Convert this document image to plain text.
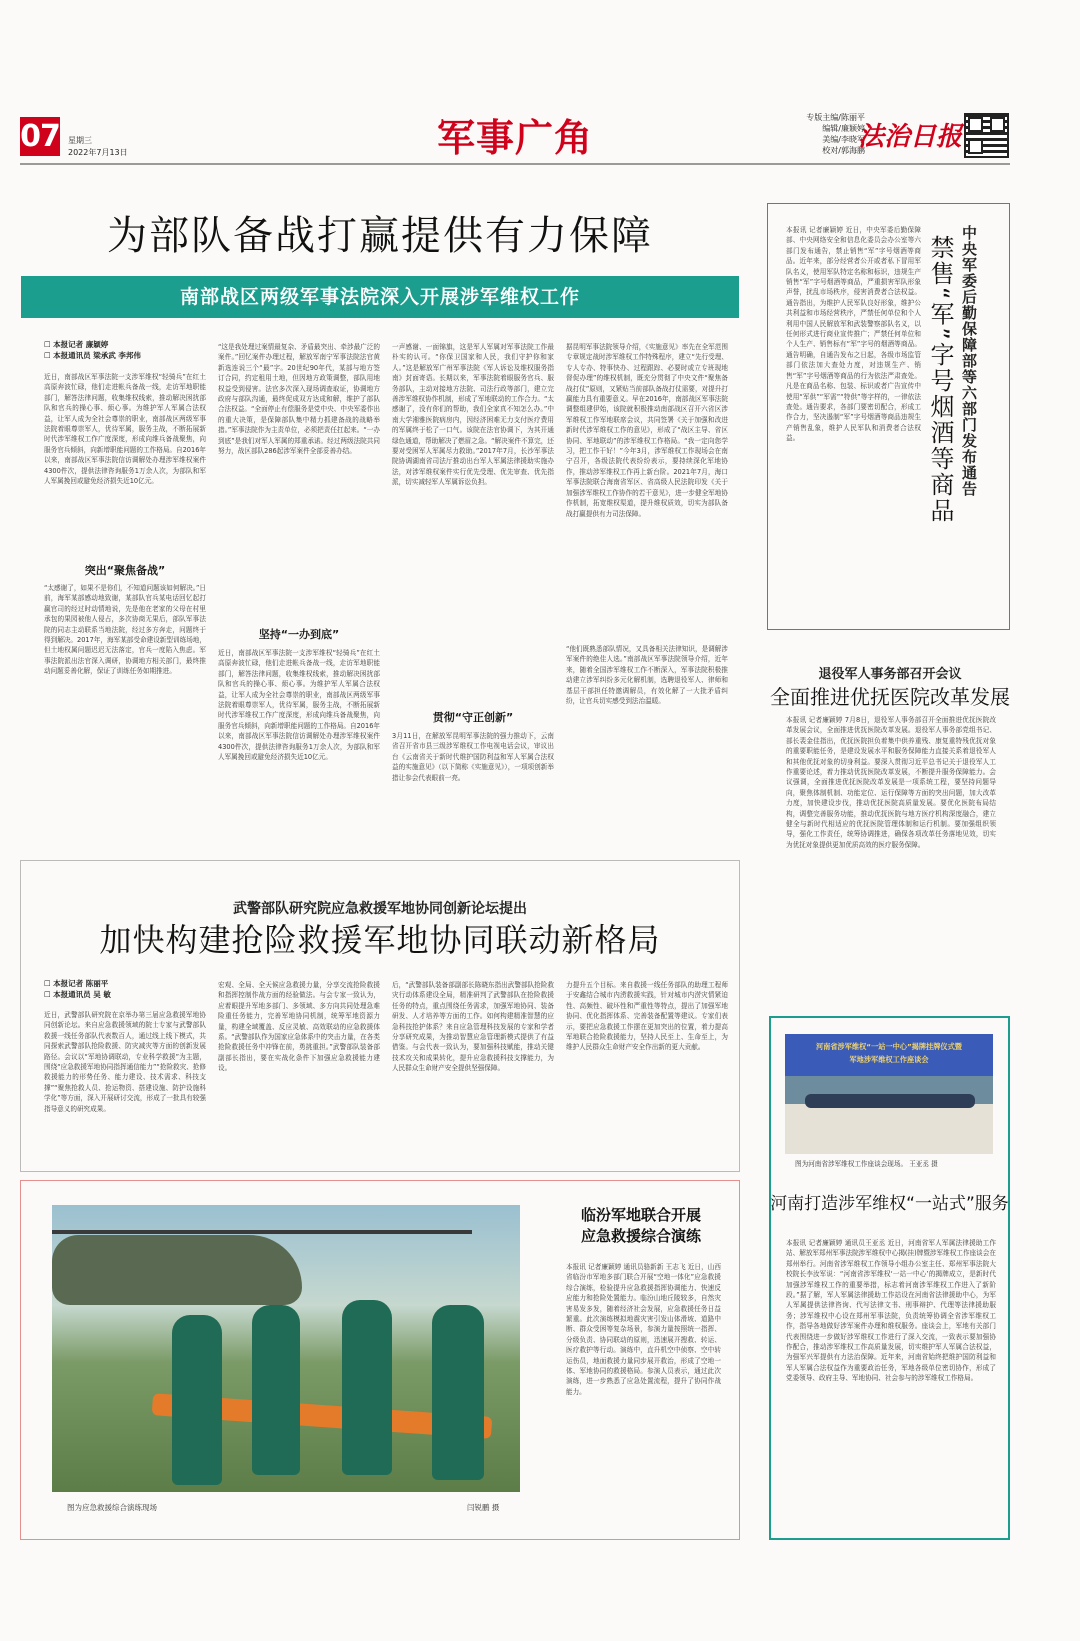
07 星期三
2022年7月13日	军事广角	专版主编/陈丽平
编辑/廉颖婷
美编/李晓军
校对/郭海鹏
法治日报
为部队备战打赢提供有力保障
南部战区两级军事法院深入开展涉军维权工作
☐ 本报记者 廉颖婷
☐ 本报通讯员 梁承武 李邦伟
近日，南部战区军事法院一支涉军维权“轻骑兵”在红土高原奔波忙碌，他们走进帐兵备战一线，走访军地职能部门，解答法律问题，收集维权线索，推动解决困扰部队和官兵的操心事、烦心事。为维护军人军属合法权益，让军人成为全社会尊崇的职业，南部战区两级军事法院着眼尊崇军人，优待军属，服务主战，不断拓展新时代涉军维权工作广度深度，形成向维兵备战聚焦，向服务官兵倾斜，向新增职能问题的工作格局。自2016年以来，南部战区军事法院信访调解处办理涉军维权案件4300件次，提供法律咨询服务1万余人次，为部队和军人军属挽回或避免经济损失近10亿元。
突出“聚焦备战”
“太感谢了，如果不是你们，不知道问题该如何解决。”日前，海军某部感动地致谢，某部队官兵某电话回忆起打赢官司的经过时动情地说，先是他在老家的父母在村里承包的果园被他人侵占，多次协商无果后，部队军事法院的同志主动联系当地法院，经过多方奔走，问题终于得到解决。2017年，海军某部受命建设新型训练场地，但土地权属问题迟迟无法落定，官兵一度陷入焦虑。军事法院派出法官深入调研，协调地方相关部门，最终推动问题妥善化解，保证了训练任务如期推进。
“这是我处理过案情最复杂、矛盾最突出、牵涉最广泛的案件。”回忆案件办理过程，解放军南宁军事法院法官黄新选连说三个“最”字。20世纪90年代，某部与地方签订合同，约定租用土地，但因地方政策调整，部队用地权益受到侵害。法官多次深入现场调查取证，协调地方政府与部队沟通，最终促成双方达成和解，维护了部队合法权益。“全面停止有偿服务是党中央、中央军委作出的重大决策，是保障部队集中精力抓建备战的战略举措。”军事法院作为主责单位，必须把责任扛起来。“一办到底”是我们对军人军属的郑重承诺。经过两级法院共同努力，战区部队286起涉军案件全部妥善办结。
坚持“一办到底”
近日，南部战区军事法院一支涉军维权“轻骑兵”在红土高原奔波忙碌，他们走进帐兵备战一线，走访军地职能部门，解答法律问题，收集维权线索，推动解决困扰部队和官兵的操心事、烦心事。为维护军人军属合法权益，让军人成为全社会尊崇的职业，南部战区两级军事法院着眼尊崇军人，优待军属，服务主战，不断拓展新时代涉军维权工作广度深度，形成向维兵备战聚焦，向服务官兵倾斜，向新增职能问题的工作格局。自2016年以来，南部战区军事法院信访调解处办理涉军维权案件4300件次，提供法律咨询服务1万余人次，为部队和军人军属挽回或避免经济损失近10亿元。
一声感谢、一面锦旗，这是军人军属对军事法院工作最朴实的认可。“你保卫国家和人民，我们守护你和家人。”这是解放军广州军事法院《军人诉讼及维权服务指南》封面寄语。长期以来，军事法院着眼服务官兵、服务部队，主动对接地方法院、司法行政等部门，建立完善涉军维权协作机制，形成了军地联动的工作合力。“太感谢了，没有你们的帮助，我们全家真不知怎么办。”中南大学湘雅医院病房内，因经济困难无力支付医疗费用的军属终于松了一口气。该院在法官协调下，为其开通绿色通道，帮助解决了燃眉之急。“解决案件不算完，还要对受困军人军属尽力救助。”2017年7月，长沙军事法院协调湖南省司法厅推动出台军人军属法律援助实施办法，对涉军维权案件实行优先受理、优先审查、优先指派，切实减轻军人军属诉讼负担。
贯彻“守正创新”
3月11日，在解放军昆明军事法院的强力推动下，云南省召开省市县三级涉军维权工作电视电话会议，审议出台《云南省关于新时代维护国防利益和军人军属合法权益的实施意见》（以下简称《实施意见》），一项项创新举措让参会代表眼前一亮。
据昆明军事法院领导介绍，《实施意见》率先在全军范围专章规定战时涉军维权工作特殊程序，建立“先行受理、专人专办、特事快办、过程跟踪、必要时或立专班现地督促办理”的维权机制，既充分贯彻了中央文件“聚焦备战打仗”原则，又紧贴当前部队备战打仗需要，对提升打赢能力具有重要意义。早在2016年，南部战区军事法院调整组建伊始，该院就积极推动南部战区召开六省区涉军维权工作军地联席会议，共同签署《关于加强和改进新时代涉军维权工作的意见》，形成了“战区主导、省区协同、军地联动”的涉军维权工作格局。“我一定向您学习，把工作干好！”今年3月，涉军维权工作现场会在南宁召开，各级法院代表纷纷表示，要持续深化军地协作，推动涉军维权工作再上新台阶。2021年7月，海口军事法院联合海南省军区、省高级人民法院印发《关于加强涉军维权工作协作的若干意见》，进一步健全军地协作机制，拓宽维权渠道，提升维权质效，切实为部队备战打赢提供有力司法保障。
“他们既熟悉部队情况，又具备相关法律知识，是调解涉军案件的绝佳人选。”南部战区军事法院领导介绍，近年来，随着全国涉军维权工作不断深入，军事法院积极推动建立涉军纠纷多元化解机制，选聘退役军人、律师和基层干部担任特邀调解员，有效化解了一大批矛盾纠纷，让官兵切实感受到法治温暖。
本报讯 记者廉颖婷 近日，中央军委后勤保障部、中央网络安全和信息化委员会办公室等六部门发布通告，禁止销售“军”字号烟酒等商品。近年来，部分经营者公开或者私下冒用军队名义，使用军队特定名称和标识，违规生产销售“军”字号烟酒等商品，严重损害军队形象声誉，扰乱市场秩序，侵害消费者合法权益。通告指出，为维护人民军队良好形象，维护公共利益和市场经营秩序，严禁任何单位和个人利用中国人民解放军和武装警察部队名义，以任何形式进行商业宣传推广；严禁任何单位和个人生产、销售标有“军”字号的烟酒等商品。通告明确，自通告发布之日起，各级市场监管部门依法加大查处力度，对违规生产、销售“军”字号烟酒等商品的行为依法严肃查处。凡是在商品名称、包装、标识或者广告宣传中使用“军供”“军需”“特供”等字样的，一律依法查处。通告要求，各部门要密切配合，形成工作合力，坚决遏制“军”字号烟酒等商品违规生产销售乱象，维护人民军队和消费者合法权益。	中央军委后勤保障部等六部门发布通告
禁售“军”字号烟酒等商品
退役军人事务部召开会议
全面推进优抚医院改革发展
本报讯 记者廉颖婷 7月8日，退役军人事务部召开全面推进优抚医院改革发展会议，全面推进优抚医院改革发展。退役军人事务部党组书记、部长裴金佳指出，优抚医院担负着集中供养重残、康复重特残优抚对象的重要职能任务，是建设发展水平和服务保障能力直接关系着退役军人和其他优抚对象的切身利益。要深入贯彻习近平总书记关于退役军人工作重要论述，着力推动优抚医院改革发展，不断提升服务保障能力。会议强调，全面推进优抚医院改革发展是一项系统工程，要坚持问题导向，聚焦体制机制、功能定位、运行保障等方面的突出问题，加大改革力度，加快建设步伐，推动优抚医院高质量发展。要优化医院布局结构，调整完善服务功能，推动优抚医院与地方医疗机构深度融合，建立健全与新时代相适应的优抚医院管理体制和运行机制。要加强组织领导，强化工作责任，统筹协调推进，确保各项改革任务落地见效，切实为优抚对象提供更加优质高效的医疗服务保障。
武警部队研究院应急救援军地协同创新论坛提出
加快构建抢险救援军地协同联动新格局
☐ 本报记者 陈丽平
☐ 本报通讯员 吴 敏
近日，武警部队研究院在京举办第三届应急救援军地协同创新论坛。来自应急救援领域的院士专家与武警部队救援一线任务部队代表数百人，通过线上线下模式，共同探索武警部队抢险救援、防灾减灾等方面的创新发展路径。会议以“军地协调联动，专业科学救援”为主题，围绕“应急救援军地协同指挥通信能力”“抢险救灾、抢修救援能力的形势任务、能力建设、技术需求、科技支撑”“聚焦抢救人员、抢运物资、搭建设施、防护设施科学化”等方面，深入开展研讨交流，形成了一批具有较强指导意义的研究成果。
宏观、全局、全天候应急救援力量，分享交流抢险救援和指挥控制作战方面的经验做法。与会专家一致认为，应着眼提升军地多部门、多领域、多方向共同处理急难险重任务能力，完善军地协同机制，统筹军地资源力量，构建全域覆盖、反应灵敏、高效联动的应急救援体系。“武警部队作为国家应急体系中的突击力量，在各类抢险救援任务中冲锋在前，勇挑重担。”武警部队装备部副部长指出，要在实战化条件下加强应急救援能力建设。
后，“武警部队装备部副部长陈晓东指出武警部队抢险救灾行动体系建设全局，精准研判了武警部队在抢险救援任务的特点，重点围绕任务需求，加强军地协同、装备研发、人才培养等方面的工作。如何构建精准智慧的应急科技抢护体系？来自应急管理科技发展的专家和学者分享研究成果，为推动智慧应急管理新模式提供了有益借鉴。与会代表一致认为，要加强科技赋能，推动关键技术攻关和成果转化，提升应急救援科技支撑能力，为人民群众生命财产安全提供坚强保障。
力提升五个目标。来自救援一线任务部队的助理工程师于安鑫结合城市内涝救援实践，针对城市内涝灾情紧迫性、高频性、破坏性和严重性等特点，提出了加强军地协同、优化指挥体系、完善装备配置等建议。专家们表示，要把应急救援工作摆在更加突出的位置，着力提高军地联合抢险救援能力，坚持人民至上、生命至上，为维护人民群众生命财产安全作出新的更大贡献。
图为应急救援综合演练现场	闫锐鹏 摄
临汾军地联合开展
应急救援综合演练
本报讯 记者廉颖婷 通讯员骆新新 王志飞 近日，山西省临汾市军地多部门联合开展“空地一体化”应急救援综合演练，检验提升应急救援指挥协调能力、快速反应能力和抢险处置能力。临汾山地丘陵较多，自然灾害易发多发，随着经济社会发展，应急救援任务日益繁重。此次演练模拟地震灾害引发山体滑坡、道路中断、群众受困等复杂场景，参演力量按照统一指挥、分级负责、协同联动的原则，迅速展开搜救、转运、医疗救护等行动。演练中，直升机空中侦察、空中转运伤员，地面救援力量同步展开救治，形成了空地一体、军地协同的救援格局。参演人员表示，通过此次演练，进一步熟悉了应急处置流程，提升了协同作战能力。
河南省涉军维权“一站一中心”揭牌挂牌仪式暨
军地涉军维权工作座谈会
图为河南省涉军维权工作座谈会现场。 王亚丞 摄
河南打造涉军维权“一站式”服务
本报讯 记者廉颖婷 通讯员王亚丞 近日，河南省军人军属法律援助工作站、解放军郑州军事法院涉军维权中心揭(挂)牌暨涉军维权工作座谈会在郑州举行。河南省涉军维权工作领导小组办公室主任、郑州军事法院大校院长李汝军说：“河南省涉军维权‘一站一中心’的揭牌成立，是新时代加强涉军维权工作的重要举措，标志着河南涉军维权工作进入了新阶段。”据了解，军人军属法律援助工作站设在河南省法律援助中心，为军人军属提供法律咨询、代写法律文书、刑事辩护、代理等法律援助服务；涉军维权中心设在郑州军事法院，负责统筹协调全省涉军维权工作，指导各地做好涉军案件办理和维权服务。座谈会上，军地有关部门代表围绕进一步做好涉军维权工作进行了深入交流，一致表示要加强协作配合，推动涉军维权工作高质量发展，切实维护军人军属合法权益，为强军兴军提供有力法治保障。近年来，河南省始终把维护国防利益和军人军属合法权益作为重要政治任务，军地各级单位密切协作，形成了党委领导、政府主导、军地协同、社会参与的涉军维权工作格局。
